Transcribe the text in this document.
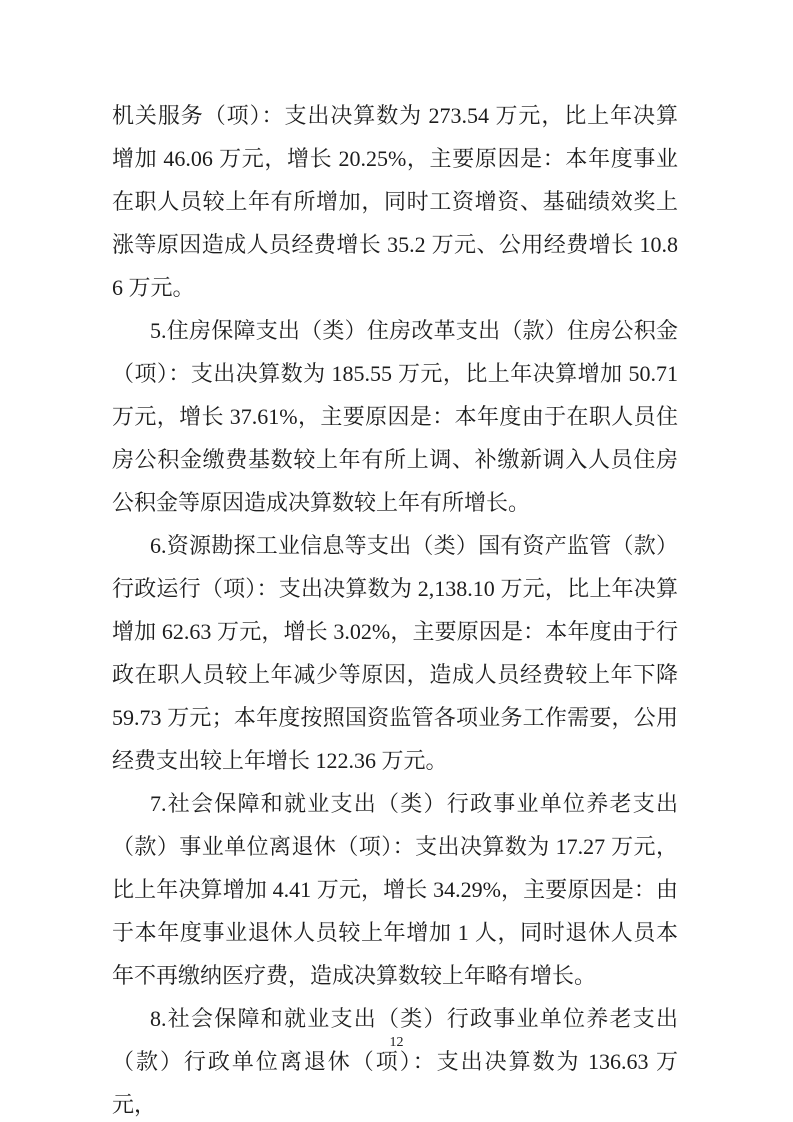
机关服务（项）：支出决算数为 273.54 万元，比上年决算增加 46.06 万元，增长 20.25%，主要原因是：本年度事业在职人员较上年有所增加，同时工资增资、基础绩效奖上涨等原因造成人员经费增长 35.2 万元、公用经费增长 10.86 万元。

5.住房保障支出（类）住房改革支出（款）住房公积金（项）：支出决算数为 185.55 万元，比上年决算增加 50.71 万元，增长 37.61%，主要原因是：本年度由于在职人员住房公积金缴费基数较上年有所上调、补缴新调入人员住房公积金等原因造成决算数较上年有所增长。

6.资源勘探工业信息等支出（类）国有资产监管（款）行政运行（项）：支出决算数为 2,138.10 万元，比上年决算增加 62.63 万元，增长 3.02%，主要原因是：本年度由于行政在职人员较上年减少等原因，造成人员经费较上年下降 59.73 万元；本年度按照国资监管各项业务工作需要，公用经费支出较上年增长 122.36 万元。

7.社会保障和就业支出（类）行政事业单位养老支出（款）事业单位离退休（项）：支出决算数为 17.27 万元，比上年决算增加 4.41 万元，增长 34.29%，主要原因是：由于本年度事业退休人员较上年增加 1 人，同时退休人员本年不再缴纳医疗费，造成决算数较上年略有增长。

8.社会保障和就业支出（类）行政事业单位养老支出（款）行政单位离退休（项）：支出决算数为 136.63 万元，

12
